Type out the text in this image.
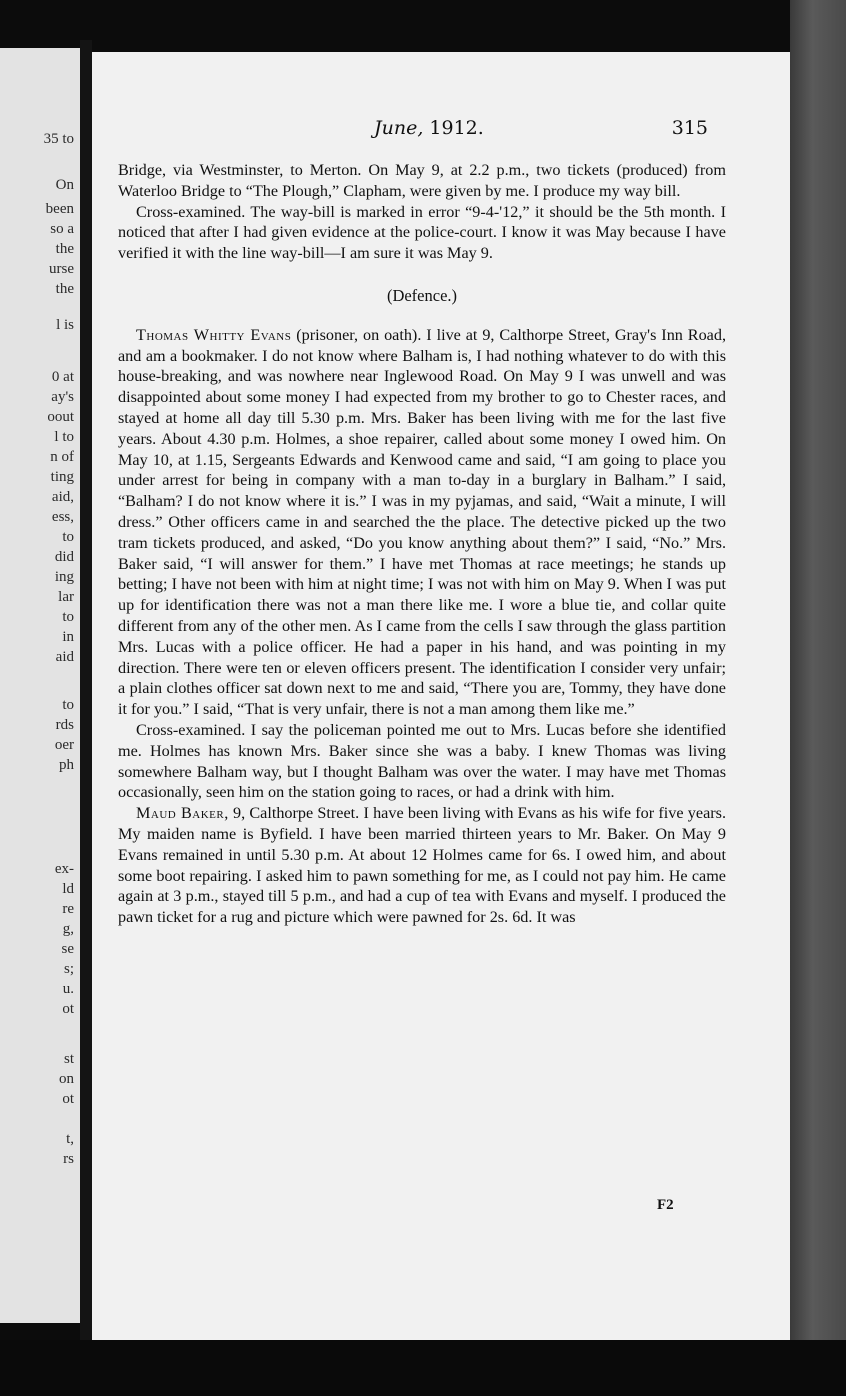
35 to
On
been
so a
the
urse
the
l is
0 at
ay's
oout
l to
n of
ting
aid,
ess,
to
did
ing
lar
to
in
aid
to
rds
oer
ph
ex-
ld
re
g,
se
s;
u.
ot
st
on
ot
t,
rs
June, 1912.	315

Bridge, via Westminster, to Merton. On May 9, at 2.2 p.m., two tickets (produced) from Waterloo Bridge to “The Plough,” Clapham, were given by me. I produce my way bill.

Cross-examined. The way-bill is marked in error “9-4-'12,” it should be the 5th month. I noticed that after I had given evidence at the police-court. I know it was May because I have verified it with the line way-bill—I am sure it was May 9.

(Defence.)

Thomas Whitty Evans (prisoner, on oath). I live at 9, Calthorpe Street, Gray's Inn Road, and am a bookmaker. I do not know where Balham is, I had nothing whatever to do with this house-breaking, and was nowhere near Inglewood Road. On May 9 I was unwell and was disappointed about some money I had expected from my brother to go to Chester races, and stayed at home all day till 5.30 p.m. Mrs. Baker has been living with me for the last five years. About 4.30 p.m. Holmes, a shoe repairer, called about some money I owed him. On May 10, at 1.15, Sergeants Edwards and Kenwood came and said, “I am going to place you under arrest for being in company with a man to-day in a burglary in Balham.” I said, “Balham? I do not know where it is.” I was in my pyjamas, and said, “Wait a minute, I will dress.” Other officers came in and searched the the place. The detective picked up the two tram tickets produced, and asked, “Do you know anything about them?” I said, “No.” Mrs. Baker said, “I will answer for them.” I have met Thomas at race meetings; he stands up betting; I have not been with him at night time; I was not with him on May 9. When I was put up for identification there was not a man there like me. I wore a blue tie, and collar quite different from any of the other men. As I came from the cells I saw through the glass partition Mrs. Lucas with a police officer. He had a paper in his hand, and was pointing in my direction. There were ten or eleven officers present. The identification I consider very unfair; a plain clothes officer sat down next to me and said, “There you are, Tommy, they have done it for you.” I said, “That is very unfair, there is not a man among them like me.”

Cross-examined. I say the policeman pointed me out to Mrs. Lucas before she identified me. Holmes has known Mrs. Baker since she was a baby. I knew Thomas was living somewhere Balham way, but I thought Balham was over the water. I may have met Thomas occasionally, seen him on the station going to races, or had a drink with him.

Maud Baker, 9, Calthorpe Street. I have been living with Evans as his wife for five years. My maiden name is Byfield. I have been married thirteen years to Mr. Baker. On May 9 Evans remained in until 5.30 p.m. At about 12 Holmes came for 6s. I owed him, and about some boot repairing. I asked him to pawn something for me, as I could not pay him. He came again at 3 p.m., stayed till 5 p.m., and had a cup of tea with Evans and myself. I produced the pawn ticket for a rug and picture which were pawned for 2s. 6d. It was

F2
